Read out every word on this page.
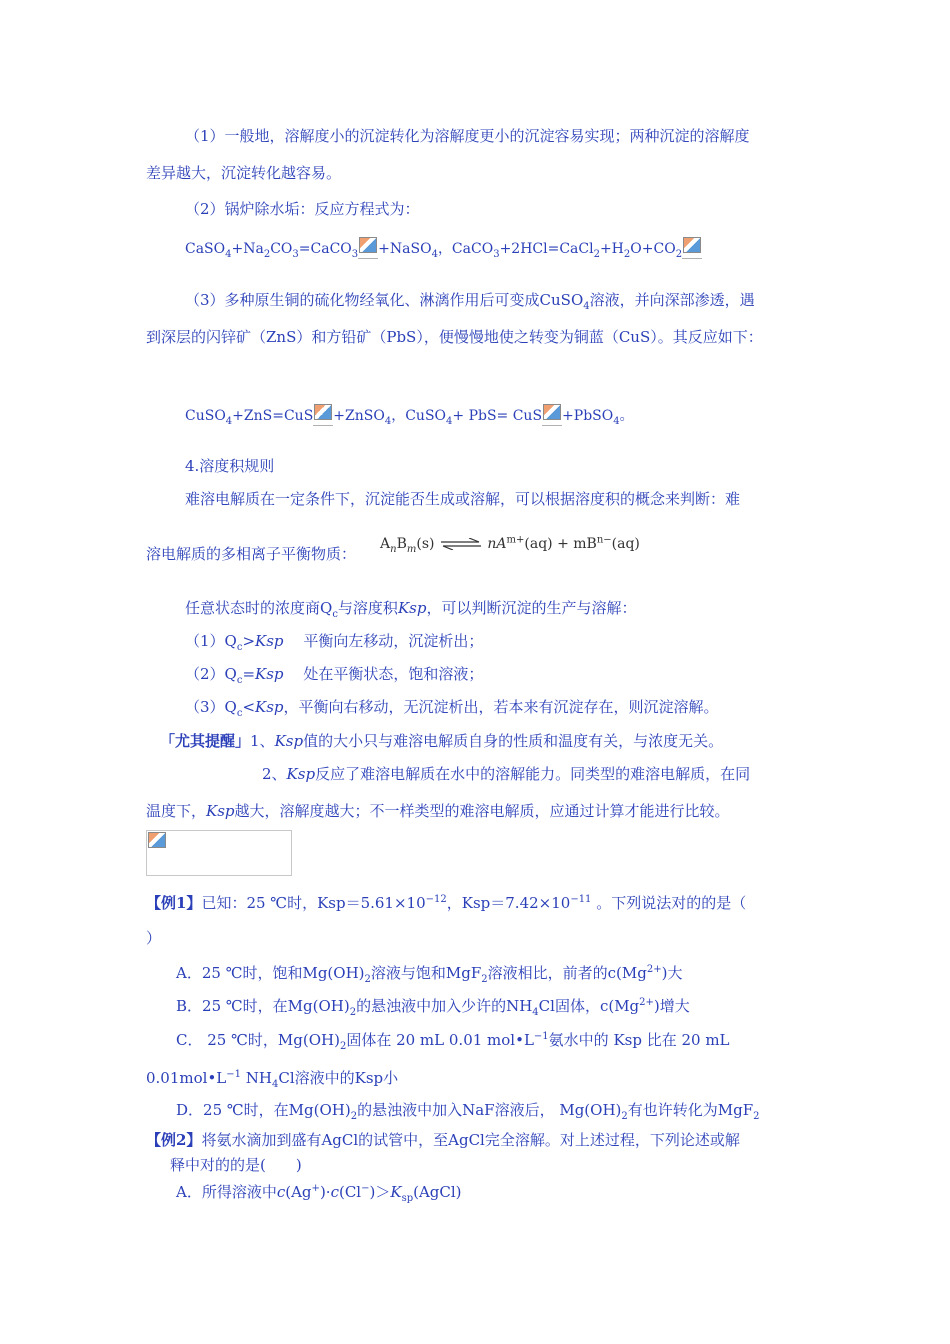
（1）一般地，溶解度小的沉淀转化为溶解度更小的沉淀容易实现；两种沉淀的溶解度
差异越大，沉淀转化越容易。
（2）锅炉除水垢：反应方程式为：
$CaSO_4+Na_2CO_3=CaCO_3$ +NaSO$_4$，$CaCO_3+2HCl=CaCl_2+H_2O+CO_2$
（3）多种原生铜的硫化物经氧化、淋漓作用后可变成CuSO$_4$溶液，并向深部渗透，遇
到深层的闪锌矿（ZnS）和方铅矿（PbS），便慢慢地使之转变为铜蓝（CuS）。其反应如下：
CuSO$_4$+ZnS=CuS +ZnSO$_4$，CuSO$_4$+ PbS= CuS +PbSO$_4$。
4.溶度积规则
难溶电解质在一定条件下，沉淀能否生成或溶解，可以根据溶度积的概念来判断：难
溶电解质的多相离子平衡物质：
$A_nB_m(s)$ ⇌ $nA^{m+}(aq) + mB^{n-}(aq)$
任意状态时的浓度商$Q_c$与溶度积Ksp，可以判断沉淀的生产与溶解：
$(1)Q_c>Ksp$　 平衡向左移动，沉淀析出；
$(2)Q_c=Ksp$　 处在平衡状态，饱和溶液；
$(3)Q_c<Ksp$，平衡向右移动，无沉淀析出，若本来有沉淀存在，则沉淀溶解。
「尤其提醒」1、Ksp值的大小只与难溶电解质自身的性质和温度有关，与浓度无关。
2、Ksp反应了难溶电解质在水中的溶解能力。同类型的难溶电解质，在同
温度下，Ksp越大，溶解度越大；不一样类型的难溶电解质，应通过计算才能进行比较。
【例1】已知：25 ℃时，$Ksp=5.61\times 10^{-12}$，$Ksp=7.42\times 10^{-11}$ 。下列说法对的的是（
）
A．25 ℃时，饱和$Mg(OH)_2$溶液与饱和MgF$_2$溶液相比，前者的$c(Mg^{2+})$大
B．25 ℃时，在$Mg(OH)_2$的悬浊液中加入少许的$NH_4Cl$固体，$c(Mg^{2+})$增大
C． 25 ℃时，$Mg(OH)_2$固体在 20 mL 0.01 $mol•L^{-1}$氨水中的 Ksp 比在 20 mL
$0.01mol•L^{-1}$ $NH_4Cl$溶液中的Ksp小
D．25 ℃时，在$Mg(OH)_2$的悬浊液中加入NaF溶液后， $Mg(OH)_2$有也许转化为MgF$_2$
【例2】将氨水滴加到盛有AgCl的试管中，至AgCl完全溶解。对上述过程，下列论述或解
释中对的的是(　　)
A．所得溶液中$c(Ag^+)\cdot c(Cl^-)>K_{sp}(AgCl)$
